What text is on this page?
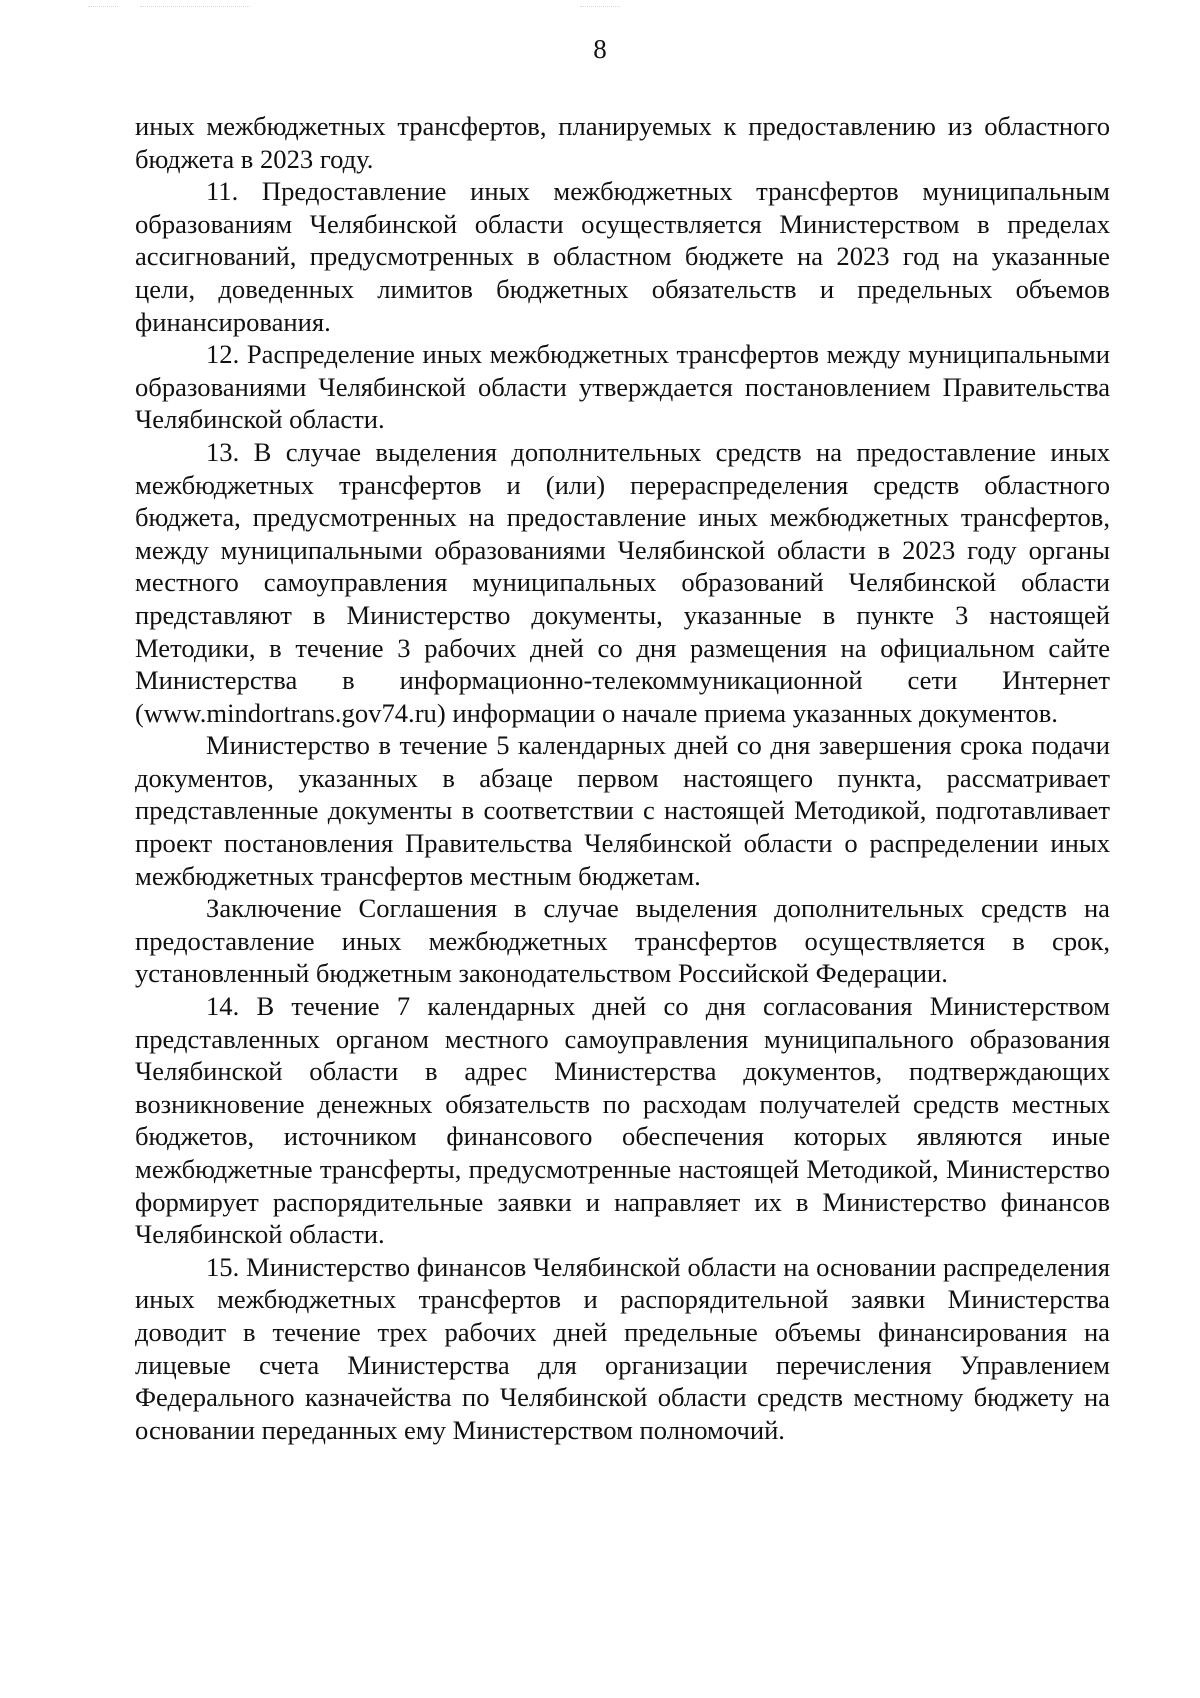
8

иных межбюджетных трансфертов, планируемых к предоставлению из областного бюджета в 2023 году.

11. Предоставление иных межбюджетных трансфертов муниципальным образованиям Челябинской области осуществляется Министерством в пределах ассигнований, предусмотренных в областном бюджете на 2023 год на указанные цели, доведенных лимитов бюджетных обязательств и предельных объемов финансирования.

12. Распределение иных межбюджетных трансфертов между муниципальными образованиями Челябинской области утверждается постановлением Правительства Челябинской области.

13. В случае выделения дополнительных средств на предоставление иных межбюджетных трансфертов и (или) перераспределения средств областного бюджета, предусмотренных на предоставление иных межбюджетных трансфертов, между муниципальными образованиями Челябинской области в 2023 году органы местного самоуправления муниципальных образований Челябинской области представляют в Министерство документы, указанные в пункте 3 настоящей Методики, в течение 3 рабочих дней со дня размещения на официальном сайте Министерства в информационно-телекоммуникационной сети Интернет (www.mindortrans.gov74.ru) информации о начале приема указанных документов.

Министерство в течение 5 календарных дней со дня завершения срока подачи документов, указанных в абзаце первом настоящего пункта, рассматривает представленные документы в соответствии с настоящей Методикой, подготавливает проект постановления Правительства Челябинской области о распределении иных межбюджетных трансфертов местным бюджетам.

Заключение Соглашения в случае выделения дополнительных средств на предоставление иных межбюджетных трансфертов осуществляется в срок, установленный бюджетным законодательством Российской Федерации.

14. В течение 7 календарных дней со дня согласования Министерством представленных органом местного самоуправления муниципального образования Челябинской области в адрес Министерства документов, подтверждающих возникновение денежных обязательств по расходам получателей средств местных бюджетов, источником финансового обеспечения которых являются иные межбюджетные трансферты, предусмотренные настоящей Методикой, Министерство формирует распорядительные заявки и направляет их в Министерство финансов Челябинской области.

15. Министерство финансов Челябинской области на основании распределения иных межбюджетных трансфертов и распорядительной заявки Министерства доводит в течение трех рабочих дней предельные объемы финансирования на лицевые счета Министерства для организации перечисления Управлением Федерального казначейства по Челябинской области средств местному бюджету на основании переданных ему Министерством полномочий.
